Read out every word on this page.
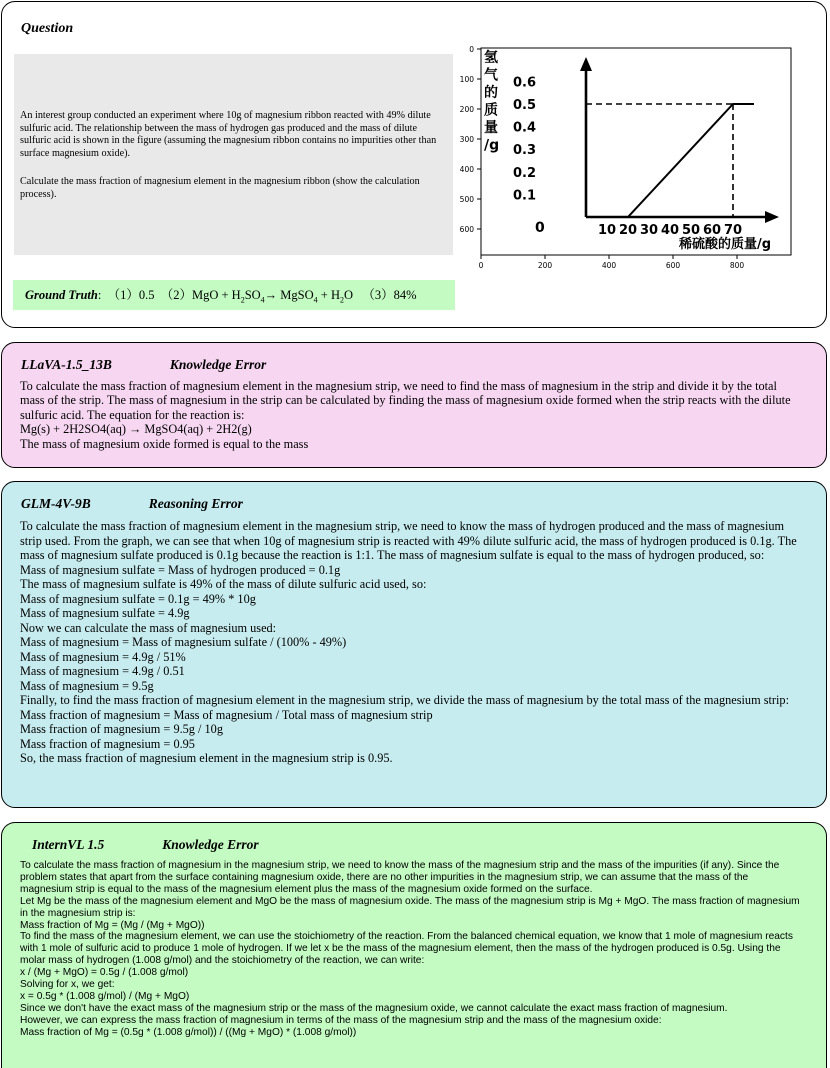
Question

An interest group conducted an experiment where 10g of magnesium ribbon reacted with 49% dilute sulfuric acid. The relationship between the mass of hydrogen gas produced and the mass of dilute sulfuric acid is shown in the figure (assuming the magnesium ribbon contains no impurities other than surface magnesium oxide).

Calculate the mass fraction of magnesium element in the magnesium ribbon (show the calculation process).

Ground Truth: （1）0.5 $(2)MgO + H_2SO_4\to$ MgSO$_4$ + $H_2O$ （3）84%
0	200	400	600	800
0
100
200
300
400
500
600
氢
气
的
质
量
/g
0	10 20 30 40 50 60 70
0.1
0.2
0.3
0.4
0.5
0.6
稀硫酸的质量/g
LLaVA-1.5_13B	Knowledge Error
To calculate the mass fraction of magnesium element in the magnesium strip, we need to find the mass of magnesium in the strip and divide it by the total mass of the strip. The mass of magnesium in the strip can be calculated by finding the mass of magnesium oxide formed when the strip reacts with the dilute sulfuric acid. The equation for the reaction is:
Mg(s) + 2H2SO4(aq) → MgSO4(aq) + 2H2(g)
The mass of magnesium oxide formed is equal to the mass
GLM-4V-9B	Reasoning Error
To calculate the mass fraction of magnesium element in the magnesium strip, we need to know the mass of hydrogen produced and the mass of magnesium strip used. From the graph, we can see that when 10g of magnesium strip is reacted with 49% dilute sulfuric acid, the mass of hydrogen produced is 0.1g. The mass of magnesium sulfate produced is 0.1g because the reaction is 1:1. The mass of magnesium sulfate is equal to the mass of hydrogen produced, so:
Mass of magnesium sulfate = Mass of hydrogen produced = 0.1g
The mass of magnesium sulfate is 49% of the mass of dilute sulfuric acid used, so:
Mass of magnesium sulfate = 0.1g = 49% * 10g
Mass of magnesium sulfate = 4.9g
Now we can calculate the mass of magnesium used:
Mass of magnesium = Mass of magnesium sulfate / (100% - 49%)
Mass of magnesium = 4.9g / 51%
Mass of magnesium = 4.9g / 0.51
Mass of magnesium = 9.5g
Finally, to find the mass fraction of magnesium element in the magnesium strip, we divide the mass of magnesium by the total mass of the magnesium strip:
Mass fraction of magnesium = Mass of magnesium / Total mass of magnesium strip
Mass fraction of magnesium = 9.5g / 10g
Mass fraction of magnesium = 0.95
So, the mass fraction of magnesium element in the magnesium strip is 0.95.
InternVL 1.5	Knowledge Error
To calculate the mass fraction of magnesium in the magnesium strip, we need to know the mass of the magnesium strip and the mass of the impurities (if any). Since the problem states that apart from the surface containing magnesium oxide, there are no other impurities in the magnesium strip, we can assume that the mass of the magnesium strip is equal to the mass of the magnesium element plus the mass of the magnesium oxide formed on the surface.
Let Mg be the mass of the magnesium element and MgO be the mass of magnesium oxide. The mass of the magnesium strip is Mg + MgO. The mass fraction of magnesium in the magnesium strip is:
Mass fraction of Mg = (Mg / (Mg + MgO))
To find the mass of the magnesium element, we can use the stoichiometry of the reaction. From the balanced chemical equation, we know that 1 mole of magnesium reacts with 1 mole of sulfuric acid to produce 1 mole of hydrogen. If we let x be the mass of the magnesium element, then the mass of the hydrogen produced is 0.5g. Using the molar mass of hydrogen (1.008 g/mol) and the stoichiometry of the reaction, we can write:
x / (Mg + MgO) = 0.5g / (1.008 g/mol)
Solving for x, we get:
x = 0.5g * (1.008 g/mol) / (Mg + MgO)
Since we don't have the exact mass of the magnesium strip or the mass of the magnesium oxide, we cannot calculate the exact mass fraction of magnesium.
However, we can express the mass fraction of magnesium in terms of the mass of the magnesium strip and the mass of the magnesium oxide:
Mass fraction of Mg = (0.5g * (1.008 g/mol)) / ((Mg + MgO) * (1.008 g/mol))
